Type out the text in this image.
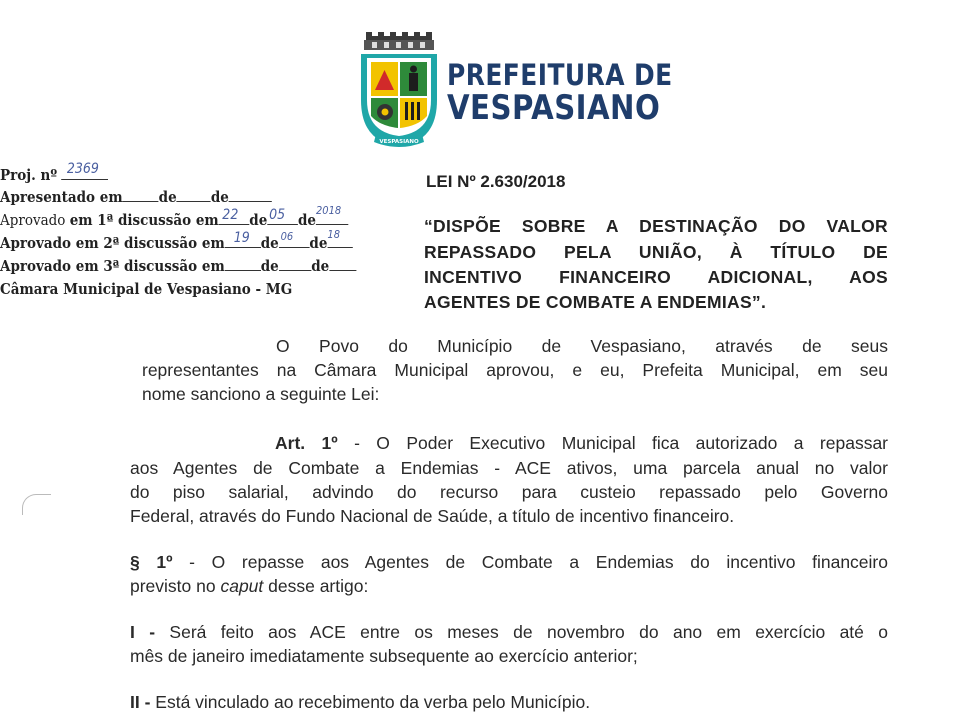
VESPASIANO
PREFEITURA DE
VESPASIANO
Proj. nº 2369
Apresentado em de de
Aprovado em 1ª discussão em 22 de 05 de
2018
Aprovado em 2ª discussão em 19 de 06 de 18
Aprovado em 3ª discussão em de de
Câmara Municipal de Vespasiano - MG
LEI Nº 2.630/2018
“DISPÕE SOBRE A DESTINAÇÃO DO VALOR
REPASSADO PELA UNIÃO, À TÍTULO DE
INCENTIVO FINANCEIRO ADICIONAL, AOS
AGENTES DE COMBATE A ENDEMIAS”.
O Povo do Município de Vespasiano, através de seus
representantes na Câmara Municipal aprovou, e eu, Prefeita Municipal, em seu
nome sanciono a seguinte Lei:
Art. 1º - O Poder Executivo Municipal fica autorizado a repassar
aos Agentes de Combate a Endemias - ACE ativos, uma parcela anual no valor
do piso salarial, advindo do recurso para custeio repassado pelo Governo
Federal, através do Fundo Nacional de Saúde, a título de incentivo financeiro.
§ 1º - O repasse aos Agentes de Combate a Endemias do incentivo financeiro
previsto no caput desse artigo:
I - Será feito aos ACE entre os meses de novembro do ano em exercício até o
mês de janeiro imediatamente subsequente ao exercício anterior;
II - Está vinculado ao recebimento da verba pelo Município.
